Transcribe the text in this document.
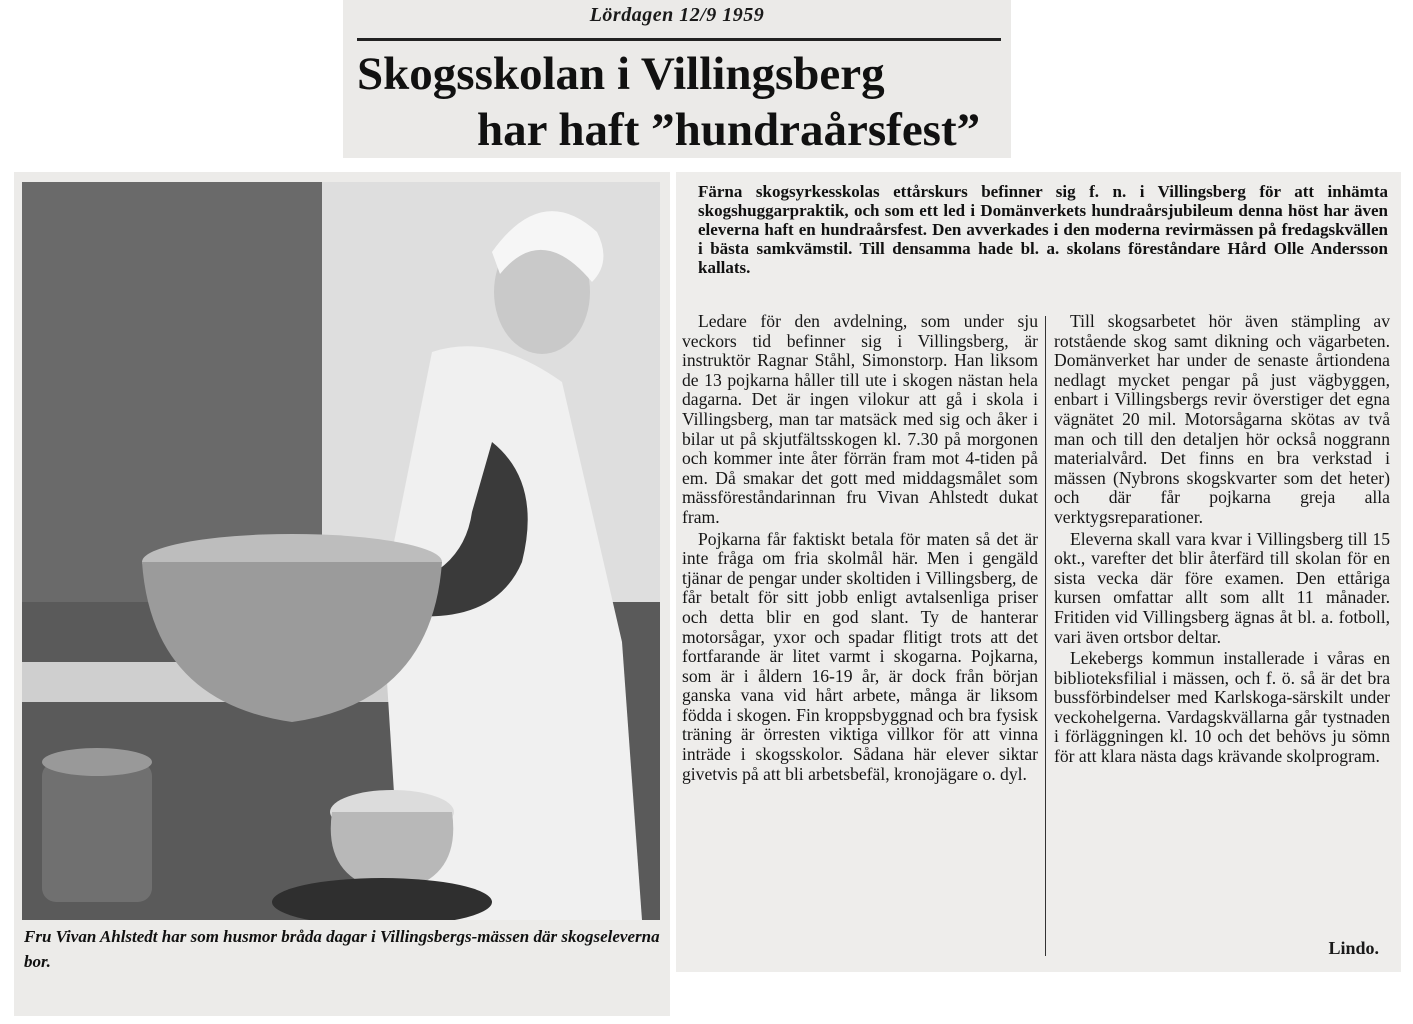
Lördagen 12/9 1959
Skogsskolan i Villingsberg
har haft ”hundraårsfest”
Fru Vivan Ahlstedt har som husmor bråda dagar i Villingsbergs-mässen där skogseleverna bor.
Färna skogsyrkesskolas ettårskurs befinner sig f. n. i Villingsberg för att inhämta skogshuggarpraktik, och som ett led i Domänverkets hundraårsjubileum denna höst har även eleverna haft en hundraårsfest. Den avverkades i den moderna revirmässen på fredagskvällen i bästa samkvämstil. Till densamma hade bl. a. skolans föreståndare Hård Olle Andersson kallats.

Ledare för den avdelning, som under sju veckors tid befinner sig i Villingsberg, är instruktör Ragnar Ståhl, Simonstorp. Han liksom de 13 pojkarna håller till ute i skogen nästan hela dagarna. Det är ingen vilokur att gå i skola i Villingsberg, man tar matsäck med sig och åker i bilar ut på skjutfältsskogen kl. 7.30 på morgonen och kommer inte åter förrän fram mot 4-tiden på em. Då smakar det gott med middagsmålet som mässföreståndarinnan fru Vivan Ahlstedt dukat fram.

Pojkarna får faktiskt betala för maten så det är inte fråga om fria skolmål här. Men i gengäld tjänar de pengar under skoltiden i Villingsberg, de får betalt för sitt jobb enligt avtalsenliga priser och detta blir en god slant. Ty de hanterar motorsågar, yxor och spadar flitigt trots att det fortfarande är litet varmt i skogarna. Pojkarna, som är i åldern 16-19 år, är dock från början ganska vana vid hårt arbete, många är liksom födda i skogen. Fin kroppsbyggnad och bra fysisk träning är örresten viktiga villkor för att vinna inträde i skogsskolor. Sådana här elever siktar givetvis på att bli arbetsbefäl, kronojägare o. dyl.

Till skogsarbetet hör även stämpling av rotstående skog samt dikning och vägarbeten. Domänverket har under de senaste årtiondena nedlagt mycket pengar på just vägbyggen, enbart i Villingsbergs revir överstiger det egna vägnätet 20 mil. Motorsågarna skötas av två man och till den detaljen hör också noggrann materialvård. Det finns en bra verkstad i mässen (Nybrons skogskvarter som det heter) och där får pojkarna greja alla verktygsreparationer.

Eleverna skall vara kvar i Villingsberg till 15 okt., varefter det blir återfärd till skolan för en sista vecka där före examen. Den ettåriga kursen omfattar allt som allt 11 månader. Fritiden vid Villingsberg ägnas åt bl. a. fotboll, vari även ortsbor deltar.

Lekebergs kommun installerade i våras en biblioteksfilial i mässen, och f. ö. så är det bra bussförbindelser med Karlskoga-särskilt under veckohelgerna. Vardagskvällarna går tystnaden i förläggningen kl. 10 och det behövs ju sömn för att klara nästa dags krävande skolprogram.

Lindo.
